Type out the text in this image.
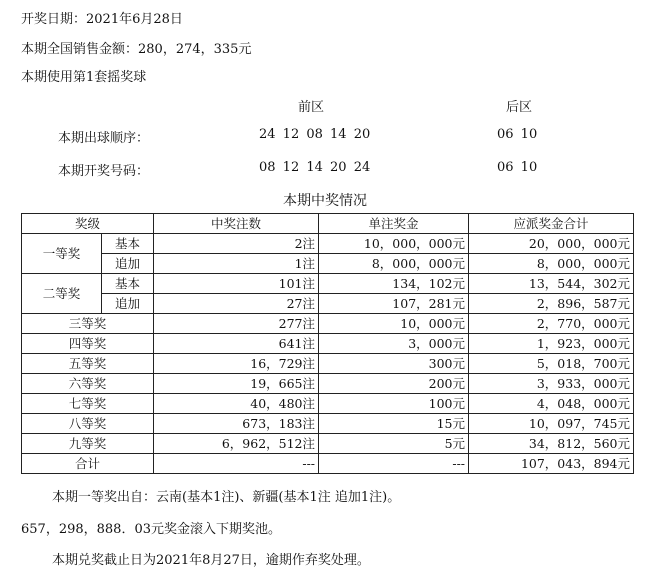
开奖日期：2021年6月28日
本期全国销售金额：280，274，335元
本期使用第1套摇奖球
前区	后区
本期出球顺序：	24 12 08 14 20	06 10
本期开奖号码：	08 12 14 20 24	06 10
本期中奖情况
奖级		中奖注数	单注奖金	应派奖金合计
一等奖	基本	2注	10，000，000元	20，000，000元
	追加	1注	8，000，000元	8，000，000元
二等奖	基本	101注	134，102元	13，544，302元
	追加	27注	107，281元	2，896，587元
三等奖		277注	10，000元	2，770，000元
四等奖		641注	3，000元	1，923，000元
五等奖		16，729注	300元	5，018，700元
六等奖		19，665注	200元	3，933，000元
七等奖		40，480注	100元	4，048，000元
八等奖		673，183注	15元	10，097，745元
九等奖		6，962，512注	5元	34，812，560元
合计		---	---	107，043，894元
本期一等奖出自：云南(基本1注)、新疆(基本1注 追加1注)。
657，298，888．03元奖金滚入下期奖池。
本期兑奖截止日为2021年8月27日，逾期作弃奖处理。
